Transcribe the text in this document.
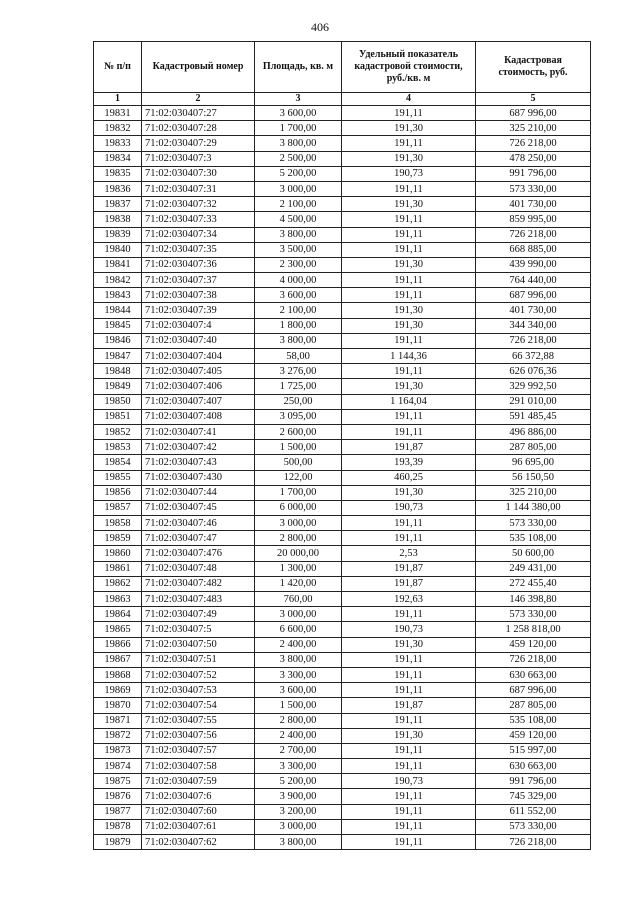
406
№ п/п	Кадастровый номер	Площадь, кв. м	Удельный показатель кадастровой стоимости, руб./кв. м	Кадастровая стоимость, руб.
1	2	3	4	5
19831	71:02:030407:27	3 600,00	191,11	687 996,00
19832	71:02:030407:28	1 700,00	191,30	325 210,00
19833	71:02:030407:29	3 800,00	191,11	726 218,00
19834	71:02:030407:3	2 500,00	191,30	478 250,00
19835	71:02:030407:30	5 200,00	190,73	991 796,00
19836	71:02:030407:31	3 000,00	191,11	573 330,00
19837	71:02:030407:32	2 100,00	191,30	401 730,00
19838	71:02:030407:33	4 500,00	191,11	859 995,00
19839	71:02:030407:34	3 800,00	191,11	726 218,00
19840	71:02:030407:35	3 500,00	191,11	668 885,00
19841	71:02:030407:36	2 300,00	191,30	439 990,00
19842	71:02:030407:37	4 000,00	191,11	764 440,00
19843	71:02:030407:38	3 600,00	191,11	687 996,00
19844	71:02:030407:39	2 100,00	191,30	401 730,00
19845	71:02:030407:4	1 800,00	191,30	344 340,00
19846	71:02:030407:40	3 800,00	191,11	726 218,00
19847	71:02:030407:404	58,00	1 144,36	66 372,88
19848	71:02:030407:405	3 276,00	191,11	626 076,36
19849	71:02:030407:406	1 725,00	191,30	329 992,50
19850	71:02:030407:407	250,00	1 164,04	291 010,00
19851	71:02:030407:408	3 095,00	191,11	591 485,45
19852	71:02:030407:41	2 600,00	191,11	496 886,00
19853	71:02:030407:42	1 500,00	191,87	287 805,00
19854	71:02:030407:43	500,00	193,39	96 695,00
19855	71:02:030407:430	122,00	460,25	56 150,50
19856	71:02:030407:44	1 700,00	191,30	325 210,00
19857	71:02:030407:45	6 000,00	190,73	1 144 380,00
19858	71:02:030407:46	3 000,00	191,11	573 330,00
19859	71:02:030407:47	2 800,00	191,11	535 108,00
19860	71:02:030407:476	20 000,00	2,53	50 600,00
19861	71:02:030407:48	1 300,00	191,87	249 431,00
19862	71:02:030407:482	1 420,00	191,87	272 455,40
19863	71:02:030407:483	760,00	192,63	146 398,80
19864	71:02:030407:49	3 000,00	191,11	573 330,00
19865	71:02:030407:5	6 600,00	190,73	1 258 818,00
19866	71:02:030407:50	2 400,00	191,30	459 120,00
19867	71:02:030407:51	3 800,00	191,11	726 218,00
19868	71:02:030407:52	3 300,00	191,11	630 663,00
19869	71:02:030407:53	3 600,00	191,11	687 996,00
19870	71:02:030407:54	1 500,00	191,87	287 805,00
19871	71:02:030407:55	2 800,00	191,11	535 108,00
19872	71:02:030407:56	2 400,00	191,30	459 120,00
19873	71:02:030407:57	2 700,00	191,11	515 997,00
19874	71:02:030407:58	3 300,00	191,11	630 663,00
19875	71:02:030407:59	5 200,00	190,73	991 796,00
19876	71:02:030407:6	3 900,00	191,11	745 329,00
19877	71:02:030407:60	3 200,00	191,11	611 552,00
19878	71:02:030407:61	3 000,00	191,11	573 330,00
19879	71:02:030407:62	3 800,00	191,11	726 218,00
